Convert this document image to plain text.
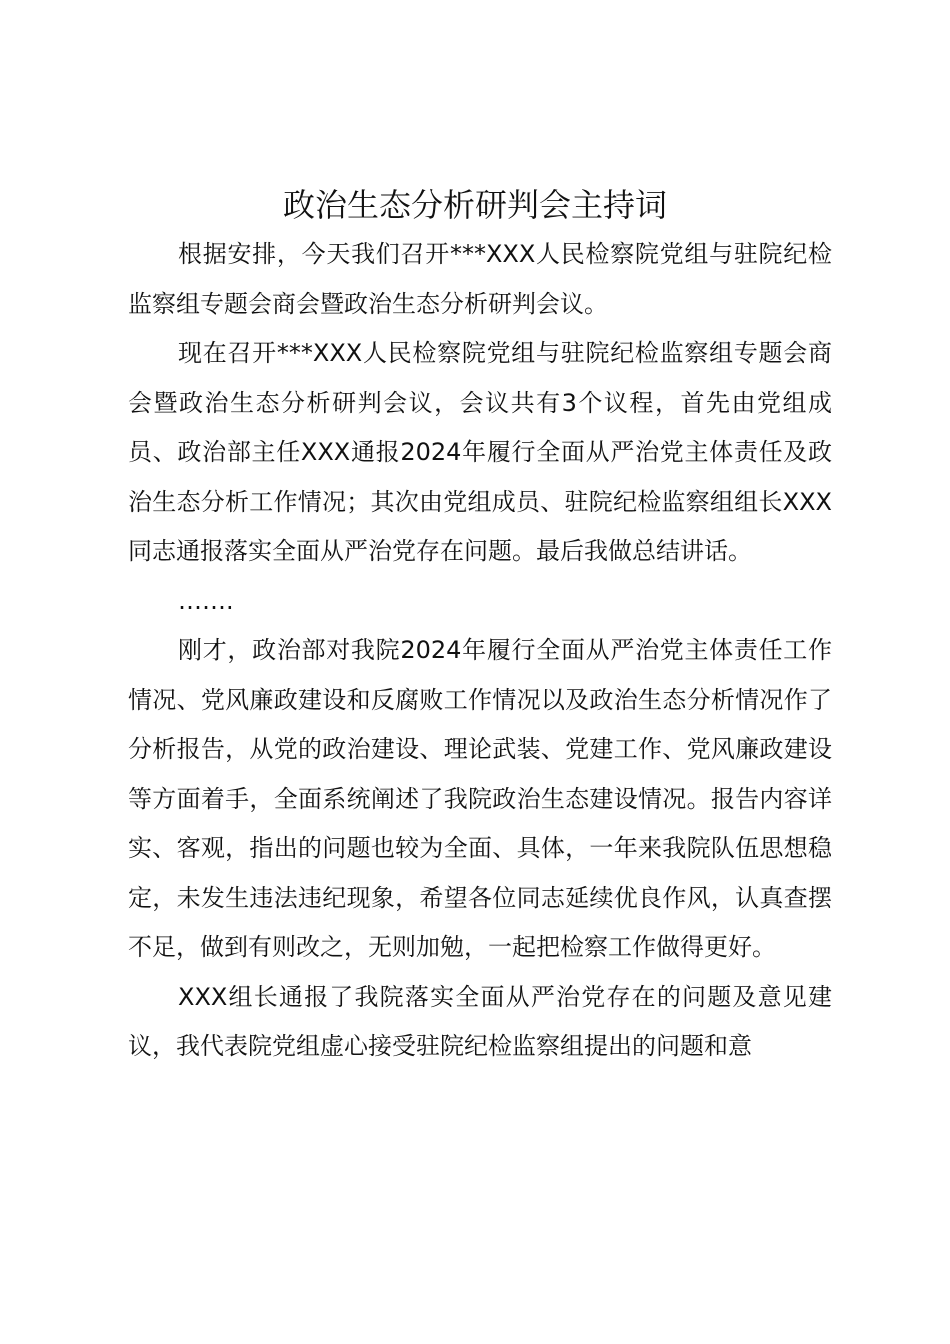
政治生态分析研判会主持词

根据安排，今天我们召开***XXX人民检察院党组与驻院纪检监察组专题会商会暨政治生态分析研判会议。

现在召开***XXX人民检察院党组与驻院纪检监察组专题会商会暨政治生态分析研判会议，会议共有3个议程，首先由党组成员、政治部主任XXX通报2024年履行全面从严治党主体责任及政治生态分析工作情况；其次由党组成员、驻院纪检监察组组长XXX同志通报落实全面从严治党存在问题。最后我做总结讲话。

…….

刚才，政治部对我院2024年履行全面从严治党主体责任工作情况、党风廉政建设和反腐败工作情况以及政治生态分析情况作了分析报告，从党的政治建设、理论武装、党建工作、党风廉政建设等方面着手，全面系统阐述了我院政治生态建设情况。报告内容详实、客观，指出的问题也较为全面、具体，一年来我院队伍思想稳定，未发生违法违纪现象，希望各位同志延续优良作风，认真查摆不足，做到有则改之，无则加勉，一起把检察工作做得更好。

XXX组长通报了我院落实全面从严治党存在的问题及意见建议，我代表院党组虚心接受驻院纪检监察组提出的问题和意
